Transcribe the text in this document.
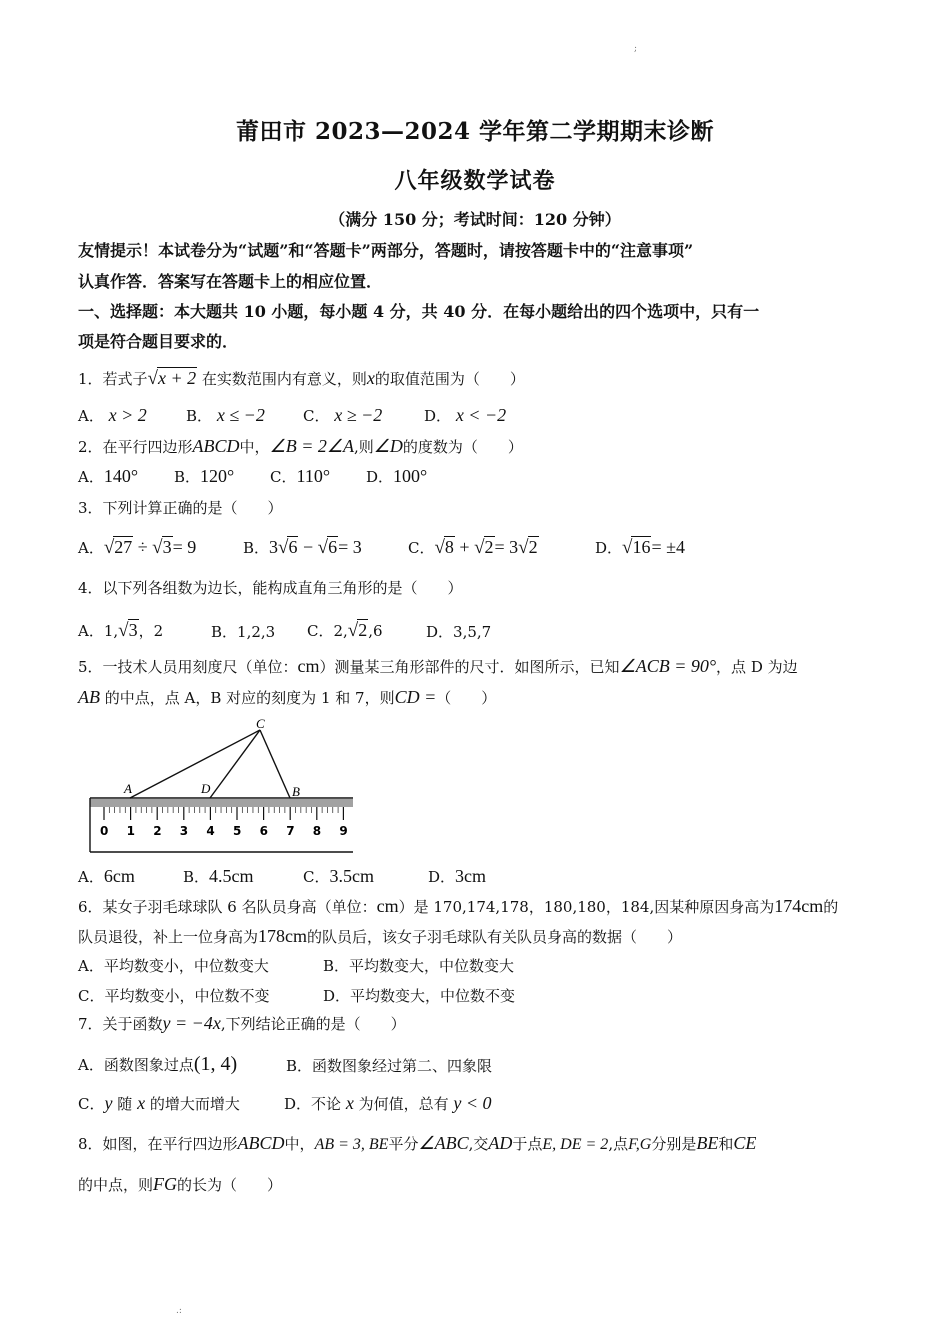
;
.:
莆田市 2023—2024 学年第二学期期末诊断
八年级数学试卷
（满分 150 分；考试时间：120 分钟）
友情提示！本试卷分为“试题”和“答题卡”两部分，答题时，请按答题卡中的“注意事项”
认真作答．答案写在答题卡上的相应位置．
一、选择题：本大题共 10 小题，每小题 4 分，共 40 分．在每小题给出的四个选项中，只有一
项是符合题目要求的．
1．若式子√x + 2 在实数范围内有意义，则x的取值范围为（　　）
A． x > 2	B． x ≤ −2	C． x ≥ −2	D． x < −2
2．在平行四边形ABCD中，∠B = 2∠A,则∠D的度数为（　　）
A．140° B．120° C．110° D．100°
3．下列计算正确的是（　　）
A．√27 ÷ √3= 9	B．3√6 − √6= 3	C．√8 + √2= 3√2	D．√16= ±4
4．以下列各组数为边长，能构成直角三角形的是（　　）
A．1,√3，2	B．1,2,3 C．2,√2,6	D．3,5,7
5．一技术人员用刻度尺（单位：cm）测量某三角形部件的尺寸．如图所示，已知∠ACB = 90°，点 D 为边
AB 的中点，点 A，B 对应的刻度为 1 和 7，则CD =（　　）
0 1 2 3 4 5 6 7 8 9
A	D	B
C
A．6cm	B．4.5cm	C．3.5cm	D．3cm
6．某女子羽毛球球队 6 名队员身高（单位：cm）是 170,174,178，180,180，184,因某种原因身高为174cm的
队员退役，补上一位身高为178cm的队员后，该女子羽毛球队有关队员身高的数据（　　）
A．平均数变小，中位数变大	B．平均数变大，中位数变大
C．平均数变小，中位数不变	D．平均数变大，中位数不变
7．关于函数y = −4x,下列结论正确的是（　　）
A．函数图象过点(1, 4)	B．函数图象经过第二、四象限
C．y 随 x 的增大而增大	D．不论 x 为何值，总有 y < 0
8．如图，在平行四边形ABCD中，AB = 3, BE平分∠ABC,交AD于点E, DE = 2,点F,G分别是BE和CE
的中点，则FG的长为（　　）
